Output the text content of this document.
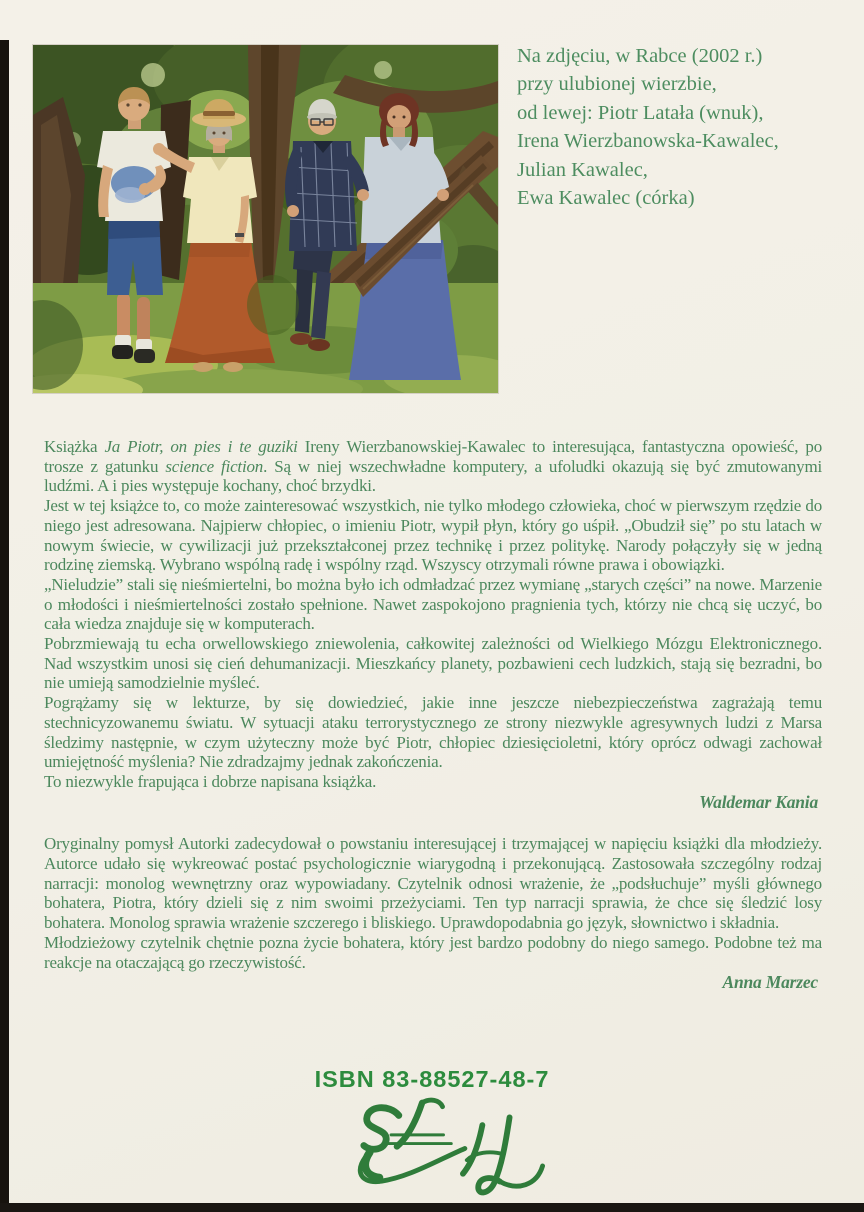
Na zdjęciu, w Rabce (2002 r.)
przy ulubionej wierzbie,
od lewej: Piotr Latała (wnuk),
Irena Wierzbanowska-Kawalec,
Julian Kawalec,
Ewa Kawalec (córka)

Książka Ja Piotr, on pies i te guziki Ireny Wierzbanowskiej-Kawalec to interesująca, fantastyczna opowieść, po trosze z gatunku science fiction. Są w niej wszechwładne komputery, a ufoludki okazują się być zmutowanymi ludźmi. A i pies występuje kochany, choć brzydki.

Jest w tej książce to, co może zainteresować wszystkich, nie tylko młodego człowieka, choć w pierwszym rzędzie do niego jest adresowana. Najpierw chłopiec, o imieniu Piotr, wypił płyn, który go uśpił. „Obudził się” po stu latach w nowym świecie, w cywilizacji już przekształconej przez technikę i przez politykę. Narody połączyły się w jedną rodzinę ziemską. Wybrano wspólną radę i wspólny rząd. Wszyscy otrzymali równe prawa i obowiązki.

„Nieludzie” stali się nieśmiertelni, bo można było ich odmładzać przez wymianę „starych części” na nowe. Marzenie o młodości i nieśmiertelności zostało spełnione. Nawet zaspokojono pragnienia tych, którzy nie chcą się uczyć, bo cała wiedza znajduje się w komputerach.

Pobrzmiewają tu echa orwellowskiego zniewolenia, całkowitej zależności od Wielkiego Mózgu Elektronicznego. Nad wszystkim unosi się cień dehumanizacji. Mieszkańcy planety, pozbawieni cech ludzkich, stają się bezradni, bo nie umieją samodzielnie myśleć.

Pogrążamy się w lekturze, by się dowiedzieć, jakie inne jeszcze niebezpieczeństwa zagrażają temu stechnicyzowanemu światu. W sytuacji ataku terrorystycznego ze strony niezwykle agresywnych ludzi z Marsa śledzimy następnie, w czym użyteczny może być Piotr, chłopiec dziesięcioletni, który oprócz odwagi zachował umiejętność myślenia? Nie zdradzajmy jednak zakończenia.

To niezwykle frapująca i dobrze napisana książka.

Waldemar Kania

Oryginalny pomysł Autorki zadecydował o powstaniu interesującej i trzymającej w napięciu książki dla młodzieży. Autorce udało się wykreować postać psychologicznie wiarygodną i przekonującą. Zastosowała szczególny rodzaj narracji: monolog wewnętrzny oraz wypowiadany. Czytelnik odnosi wrażenie, że „podsłuchuje” myśli głównego bohatera, Piotra, który dzieli się z nim swoimi przeżyciami. Ten typ narracji sprawia, że chce się śledzić losy bohatera. Monolog sprawia wrażenie szczerego i bliskiego. Uprawdopodabnia go język, słownictwo i składnia.

Młodzieżowy czytelnik chętnie pozna życie bohatera, który jest bardzo podobny do niego samego. Podobne też ma reakcje na otaczającą go rzeczywistość.

Anna Marzec

ISBN 83-88527-48-7
